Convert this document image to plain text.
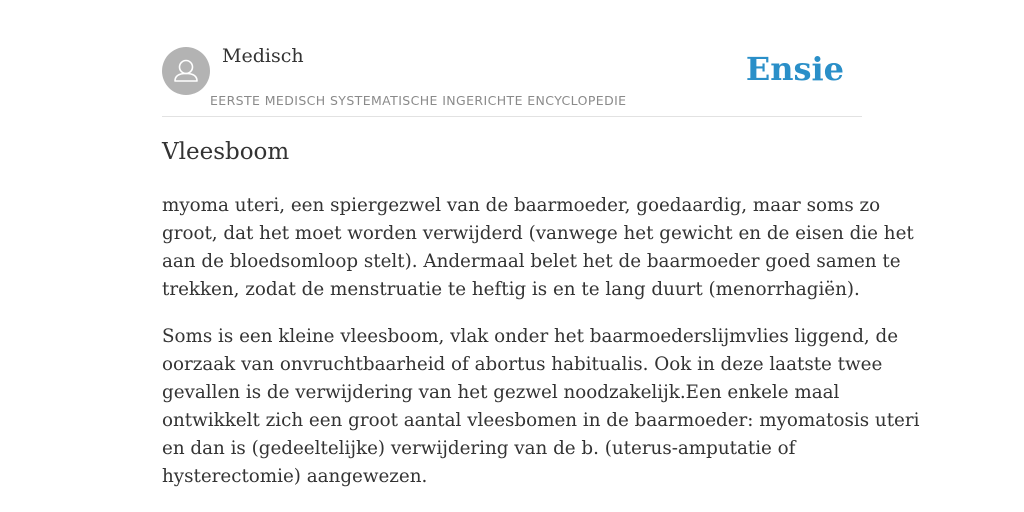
Medisch
EERSTE MEDISCH SYSTEMATISCHE INGERICHTE ENCYCLOPEDIE
Ensie
Vleesboom

myoma uteri, een spiergezwel van de baarmoeder, goedaardig, maar soms zo
groot, dat het moet worden verwijderd (vanwege het gewicht en de eisen die het
aan de bloedsomloop stelt). Andermaal belet het de baarmoeder goed samen te
trekken, zodat de menstruatie te heftig is en te lang duurt (menorrhagiën).

Soms is een kleine vleesboom, vlak onder het baarmoederslijmvlies liggend, de
oorzaak van onvruchtbaarheid of abortus habitualis. Ook in deze laatste twee
gevallen is de verwijdering van het gezwel noodzakelijk.Een enkele maal
ontwikkelt zich een groot aantal vleesbomen in de baarmoeder: myomatosis uteri
en dan is (gedeeltelijke) verwijdering van de b. (uterus-amputatie of
hysterectomie) aangewezen.
